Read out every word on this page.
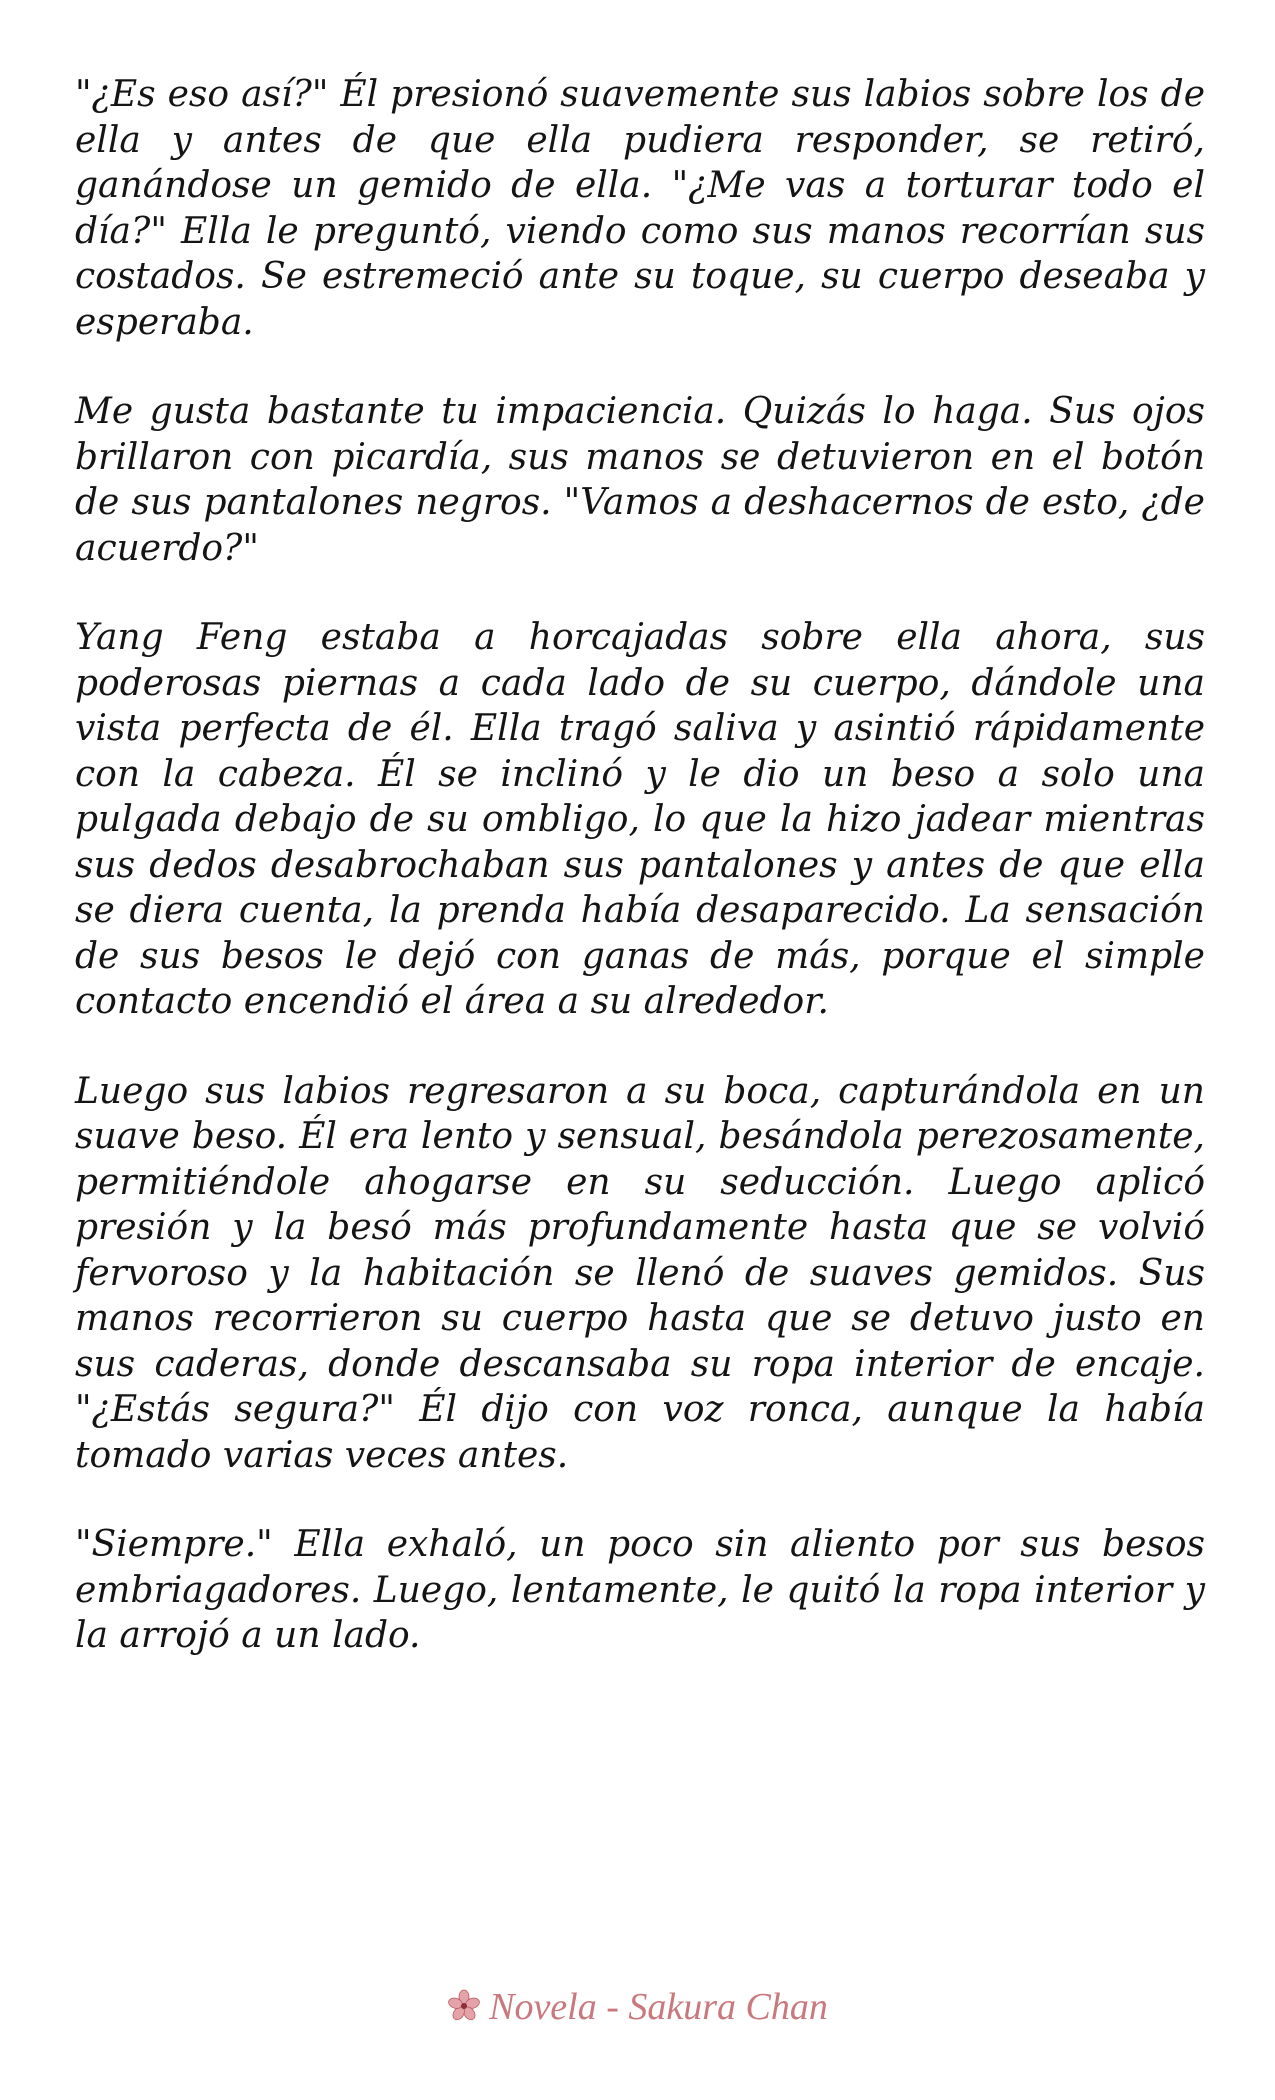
"¿Es eso así?" Él presionó suavemente sus labios sobre los de ella y antes de que ella pudiera responder, se retiró, ganándose un gemido de ella. "¿Me vas a torturar todo el día?" Ella le preguntó, viendo como sus manos recorrían sus costados. Se estremeció ante su toque, su cuerpo deseaba y esperaba.

Me gusta bastante tu impaciencia. Quizás lo haga. Sus ojos brillaron con picardía, sus manos se detuvieron en el botón de sus pantalones negros. "Vamos a deshacernos de esto, ¿de acuerdo?"

Yang Feng estaba a horcajadas sobre ella ahora, sus poderosas piernas a cada lado de su cuerpo, dándole una vista perfecta de él. Ella tragó saliva y asintió rápidamente con la cabeza. Él se inclinó y le dio un beso a solo una pulgada debajo de su ombligo, lo que la hizo jadear mientras sus dedos desabrochaban sus pantalones y antes de que ella se diera cuenta, la prenda había desaparecido. La sensación de sus besos le dejó con ganas de más, porque el simple contacto encendió el área a su alrededor.

Luego sus labios regresaron a su boca, capturándola en un suave beso. Él era lento y sensual, besándola perezosamente, permitiéndole ahogarse en su seducción. Luego aplicó presión y la besó más profundamente hasta que se volvió fervoroso y la habitación se llenó de suaves gemidos. Sus manos recorrieron su cuerpo hasta que se detuvo justo en sus caderas, donde descansaba su ropa interior de encaje. "¿Estás segura?" Él dijo con voz ronca, aunque la había tomado varias veces antes.

"Siempre." Ella exhaló, un poco sin aliento por sus besos embriagadores. Luego, lentamente, le quitó la ropa interior y la arrojó a un lado.

Novela - Sakura Chan
